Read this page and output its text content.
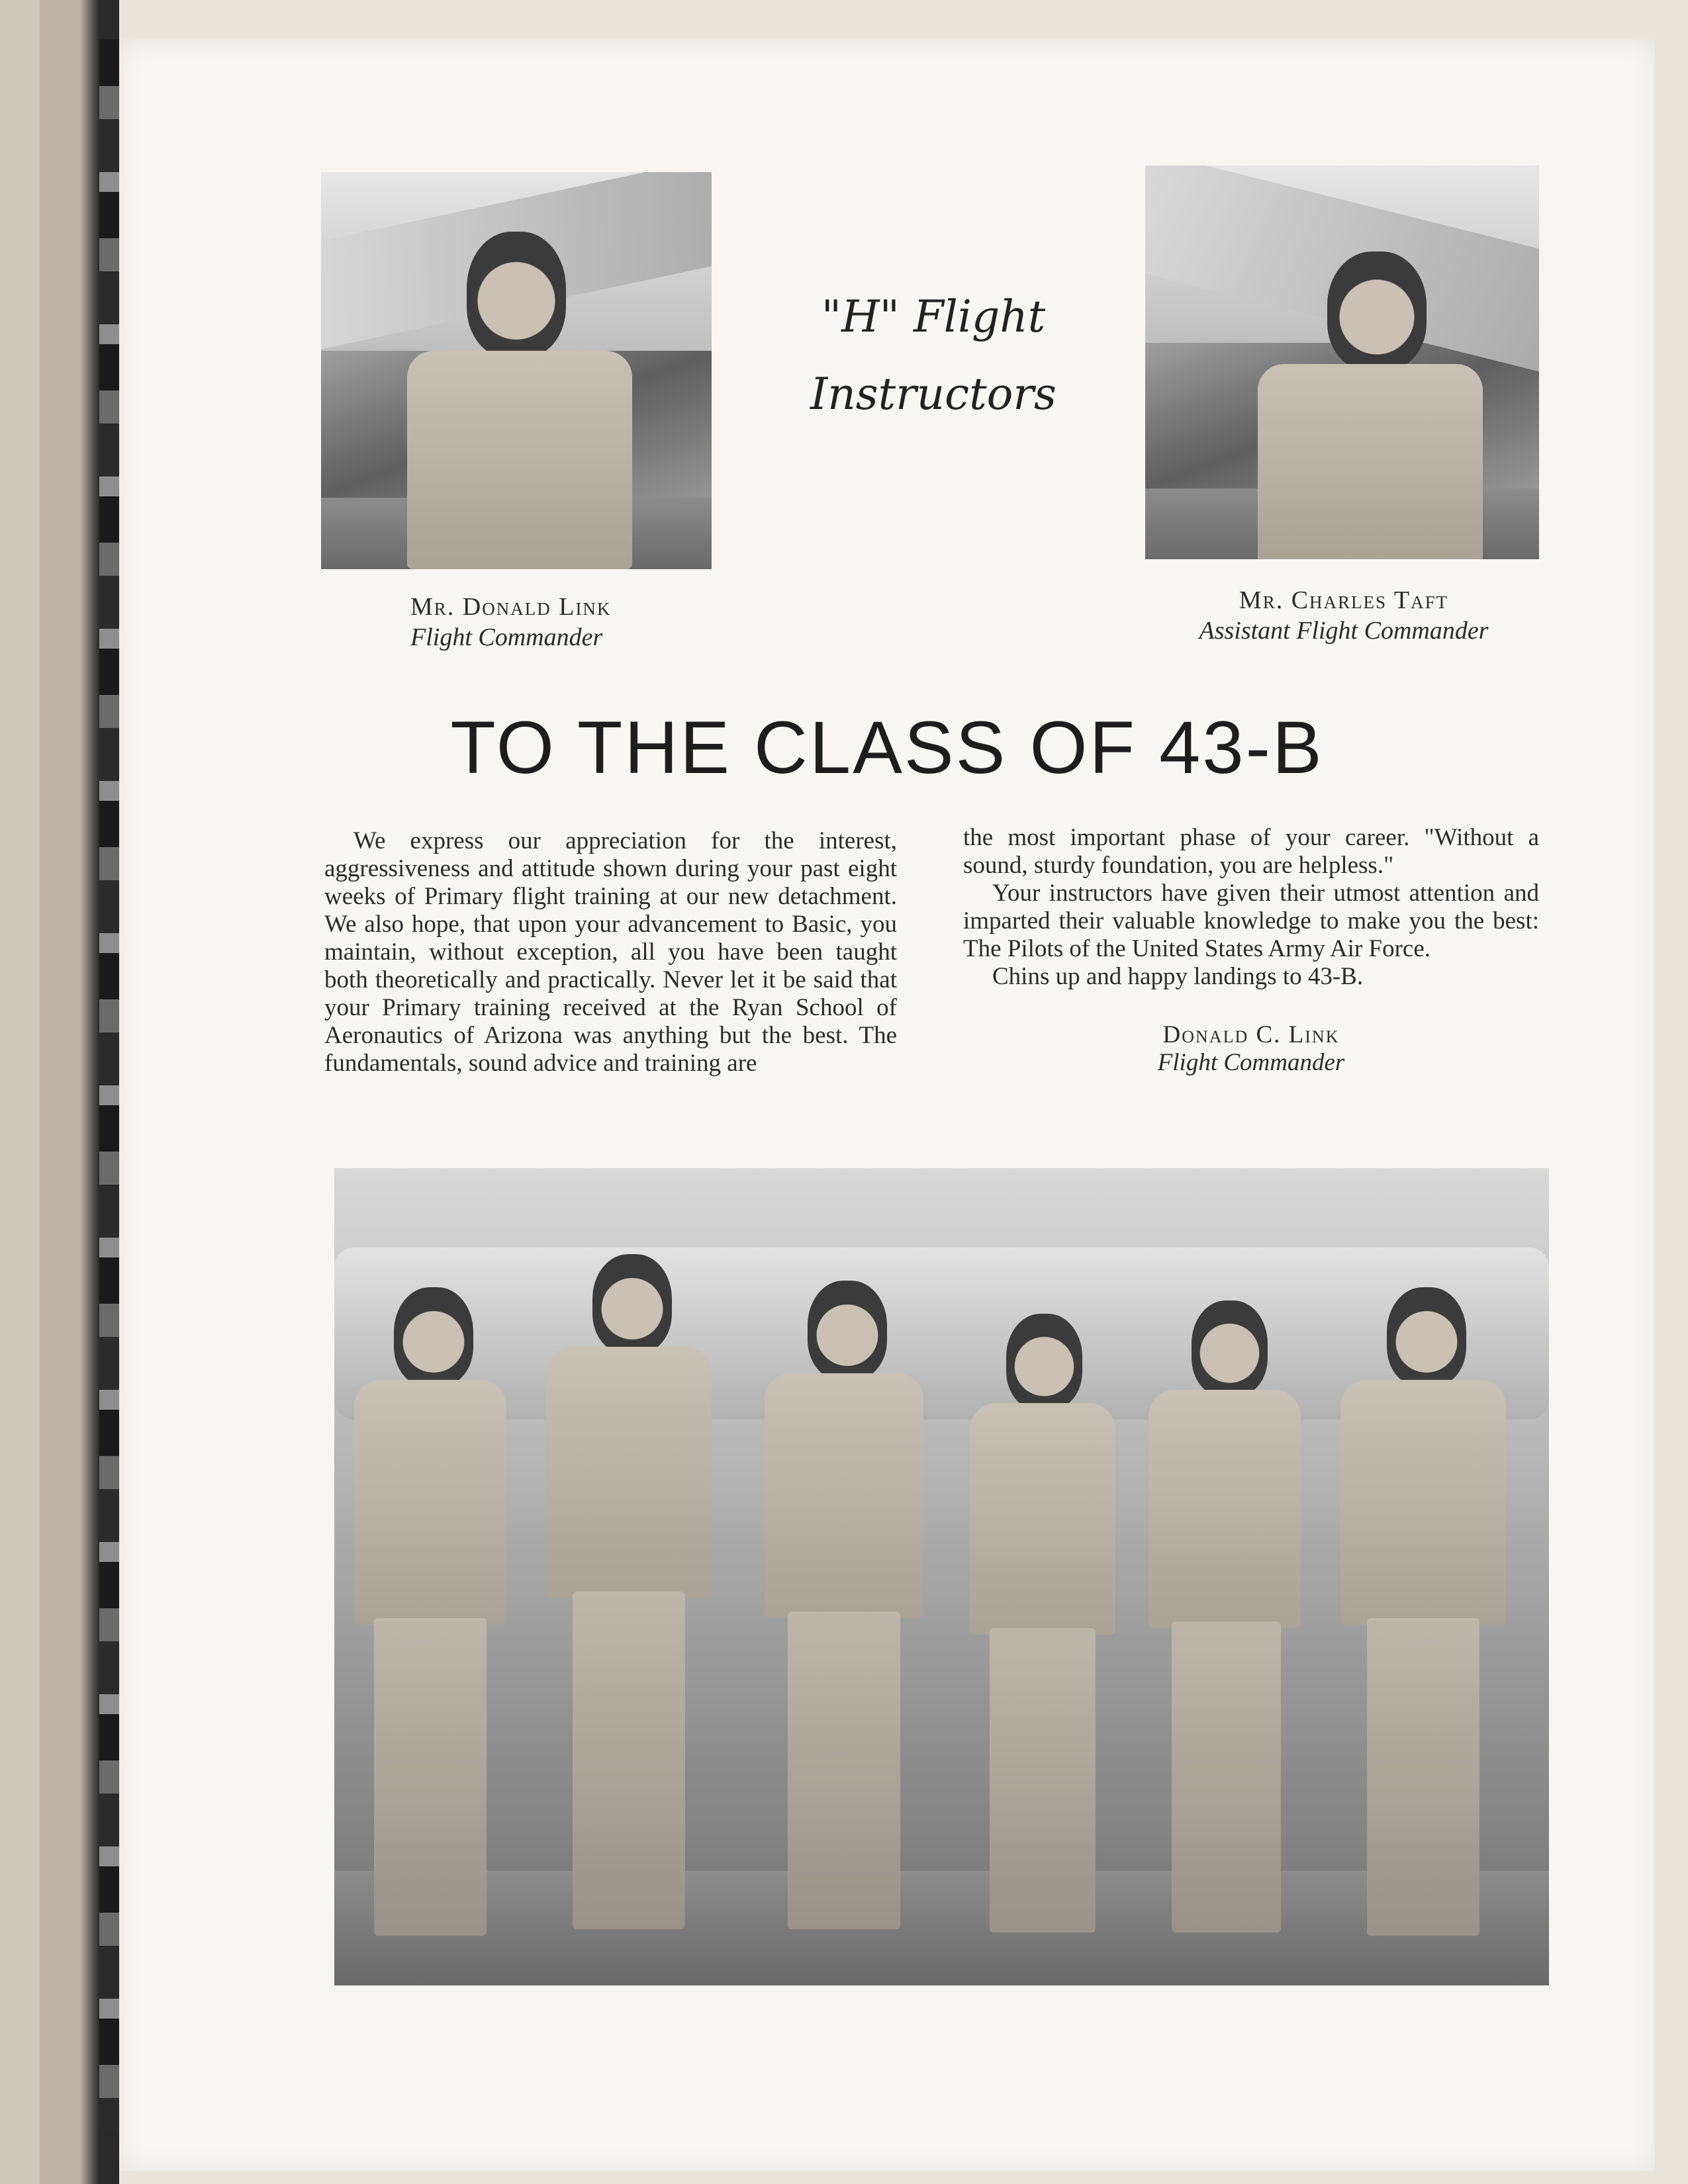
Mr. Donald Link
Flight Commander
"H" Flight
Instructors
Mr. Charles Taft
Assistant Flight Commander
TO THE CLASS OF 43-B

We express our appreciation for the interest, aggressiveness and attitude shown during your past eight weeks of Primary flight training at our new detachment. We also hope, that upon your advancement to Basic, you maintain, without exception, all you have been taught both theoretically and practically. Never let it be said that your Primary training received at the Ryan School of Aeronautics of Arizona was anything but the best. The fundamentals, sound advice and training are

the most important phase of your career. "Without a sound, sturdy foundation, you are helpless."

Your instructors have given their utmost attention and imparted their valuable knowledge to make you the best: The Pilots of the United States Army Air Force.

Chins up and happy landings to 43-B.

Donald C. Link
Flight Commander
